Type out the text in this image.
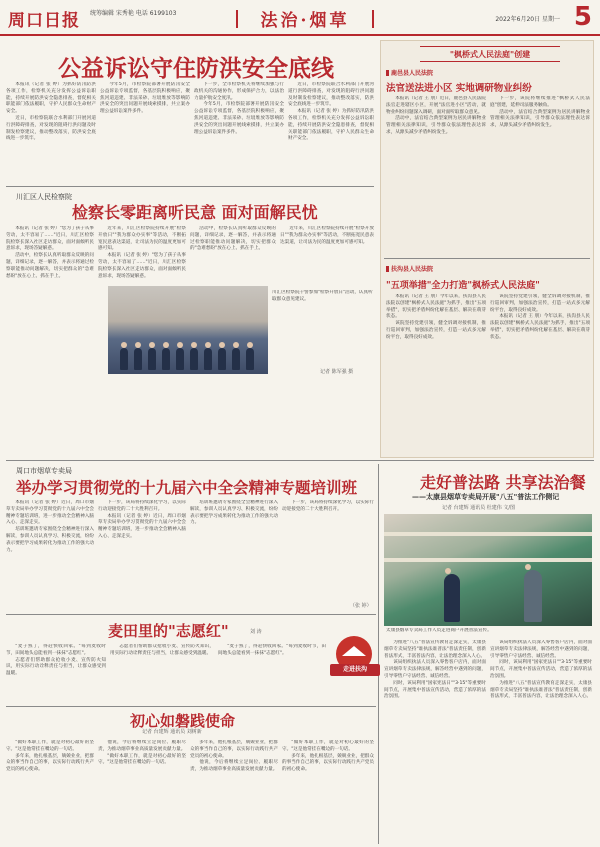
周口日报 统筹编辑 宋秀艳 电话 6199103	法治·烟草	2022年6月20日 星期一 5
公益诉讼守住防洪安全底线

本报讯（记者 张 婷）为抓好防汛防洪各项工作，检察机关充分发挥公益诉讼职能，持续开展防洪安全隐患排查，督促相关职能部门依法履职，守护人民群众生命财产安全。

近日，市检察院联合水利部门开展河道行洪障碍排查，对发现的阻碍行洪问题及时制发检察建议，推动整改落实，防洪安全底线进一步筑牢。

今年5月，市检察院部署开展防汛安全公益诉讼专项监督，各基层院积极响应，聚焦河道违建、非法采砂、垃圾堆放等影响防洪安全的突出问题开展线索摸排，共立案办理公益诉讼案件多件。

下一步，全市检察机关将继续加强与行政机关的沟通协作，形成保护合力，以法治力量护航安全度汛。

今年5月，市检察院部署开展防汛安全公益诉讼专项监督，各基层院积极响应，聚焦河道违建、非法采砂、垃圾堆放等影响防洪安全的突出问题开展线索摸排，共立案办理公益诉讼案件多件。

近日，市检察院联合水利部门开展河道行洪障碍排查，对发现的阻碍行洪问题及时制发检察建议，推动整改落实，防洪安全底线进一步筑牢。

本报讯（记者 张 婷）为抓好防汛防洪各项工作，检察机关充分发挥公益诉讼职能，持续开展防洪安全隐患排查，督促相关职能部门依法履职，守护人民群众生命财产安全。

川汇区人民检察院
检察长零距离听民意 面对面解民忧

本报讯（记者 张 婷）"您为了孩子从事劳动，太不容易了……"近日，川汇区检察院检察长深入社区走访群众，面对面倾听民意诉求，现场答疑解惑。

活动中，检察长认真听取群众反映的问题，详细记录，逐一解答，并表示将通过检察职能推动问题解决，切实把群众的"急难愁盼"放在心上、抓在手上。

近年来，川汇区检察院持续开展"检察开放日""我为群众办实事"等活动，不断拓宽民意表达渠道，让司法为民的温度更加可感可知。

本报讯（记者 张 婷）"您为了孩子从事劳动，太不容易了……"近日，川汇区检察院检察长深入社区走访群众，面对面倾听民意诉求，现场答疑解惑。

活动中，检察长认真听取群众反映的问题，详细记录，逐一解答，并表示将通过检察职能推动问题解决，切实把群众的"急难愁盼"放在心上、抓在手上。

近年来，川汇区检察院持续开展"检察开放日""我为群众办实事"等活动，不断拓宽民意表达渠道，让司法为民的温度更加可感可知。

川汇区检察院干警参加"检察开放日"活动，认真听取群众意见建议。
记者 陈军强 摄
"枫桥式人民法庭"创建
鹿邑县人民法院
法官送法进小区 实地调研物业纠纷

本报讯（记者 王 朋）近日，鹿邑县人民法院法官走进辖区小区，开展"法官进小区"活动，就物业纠纷问题深入调研，面对面听取群众意见。

活动中，法官结合典型案例为居民讲解物业管理相关法律知识，引导群众依法理性表达诉求，从源头减少矛盾纠纷发生。

下一步，该院将继续推进"枫桥式人民法庭"创建，延伸司法服务触角。

活动中，法官结合典型案例为居民讲解物业管理相关法律知识，引导群众依法理性表达诉求，从源头减少矛盾纠纷发生。

扶沟县人民法院
"五项举措"全力打造"枫桥式人民法庭"

本报讯（记者 王 朋）今年以来，扶沟县人民法院以创建"枫桥式人民法庭"为抓手，推出"五项举措"，切实把矛盾纠纷化解在基层、解决在萌芽状态。

该院坚持党建引领，健全诉调对接机制，推行巡回审判，加强法治宣传，打造一站式多元解纷平台，取得良好成效。

该院坚持党建引领，健全诉调对接机制，推行巡回审判，加强法治宣传，打造一站式多元解纷平台，取得良好成效。

本报讯（记者 王 朋）今年以来，扶沟县人民法院以创建"枫桥式人民法庭"为抓手，推出"五项举措"，切实把矛盾纠纷化解在基层、解决在萌芽状态。

周口市烟草专卖局
举办学习贯彻党的十九届六中全会精神专题培训班

本报讯（记者 张 婷）近日，周口市烟草专卖局举办学习贯彻党的十九届六中全会精神专题培训班，进一步推动全会精神入脑入心、走深走实。

培训班邀请专家围绕全会精神进行深入解读，参训人员认真学习、积极交流，纷纷表示要把学习成果转化为推动工作的强大动力。

下一步，该局将持续深化学习，以实际行动迎接党的二十大胜利召开。

本报讯（记者 张 婷）近日，周口市烟草专卖局举办学习贯彻党的十九届六中全会精神专题培训班，进一步推动全会精神入脑入心、走深走实。

培训班邀请专家围绕全会精神进行深入解读，参训人员认真学习、积极交流，纷纷表示要把学习成果转化为推动工作的强大动力。

下一步，该局将持续深化学习，以实际行动迎接党的二十大胜利召开。

（张 婷）
走好普法路 共享法治餐
——太康县烟草专卖局开展"八五"普法工作侧记
记者 台建辉 通讯员 杜建伟 文/图
太康县烟草专卖局工作人员走进商户开展普法宣传。

为推进"八五"普法宣传教育走深走实，太康县烟草专卖局坚持"谁执法谁普法"普法责任制，创新普法形式，丰富普法内容，让法治理念深入人心。

该局组织执法人员深入零售客户店内，面对面宣讲烟草专卖法律法规，解答经营中遇到的问题，引导零售户守法经营、诚信经营。

同时，该局利用"国家宪法日""3·15"等重要时间节点，开展集中普法宣传活动，营造了浓厚的法治氛围。

该局组织执法人员深入零售客户店内，面对面宣讲烟草专卖法律法规，解答经营中遇到的问题，引导零售户守法经营、诚信经营。

同时，该局利用"国家宪法日""3·15"等重要时间节点，开展集中普法宣传活动，营造了浓厚的法治氛围。

为推进"八五"普法宣传教育走深走实，太康县烟草专卖局坚持"谁执法谁普法"普法责任制，创新普法形式，丰富普法内容，让法治理念深入人心。

麦田里的"志愿红"	刘 涛

"麦子熟了，得赶快收回家。"每到麦收时节，田间地头总能看到一抹抹"志愿红"。

志愿者们帮助群众抢收小麦、宣传防火知识，用实际行动诠释责任与担当，让群众感受到温暖。

志愿者们帮助群众抢收小麦、宣传防火知识，用实际行动诠释责任与担当，让群众感受到温暖。

"麦子熟了，得赶快收回家。"每到麦收时节，田间地头总能看到一抹抹"志愿红"。

走进扶沟
初心如磐践使命
记者 台建辉 通讯员 刘树新

"做好本职工作，就是对初心最好的坚守。"这是他常挂在嘴边的一句话。

多年来，他扎根基层，兢兢业业，把群众的事当作自己的事，以实际行动践行共产党员的初心使命。

他说，今后将继续立足岗位、履职尽责，为推动烟草事业高质量发展贡献力量。

"做好本职工作，就是对初心最好的坚守。"这是他常挂在嘴边的一句话。

多年来，他扎根基层，兢兢业业，把群众的事当作自己的事，以实际行动践行共产党员的初心使命。

他说，今后将继续立足岗位、履职尽责，为推动烟草事业高质量发展贡献力量。

"做好本职工作，就是对初心最好的坚守。"这是他常挂在嘴边的一句话。

多年来，他扎根基层，兢兢业业，把群众的事当作自己的事，以实际行动践行共产党员的初心使命。
